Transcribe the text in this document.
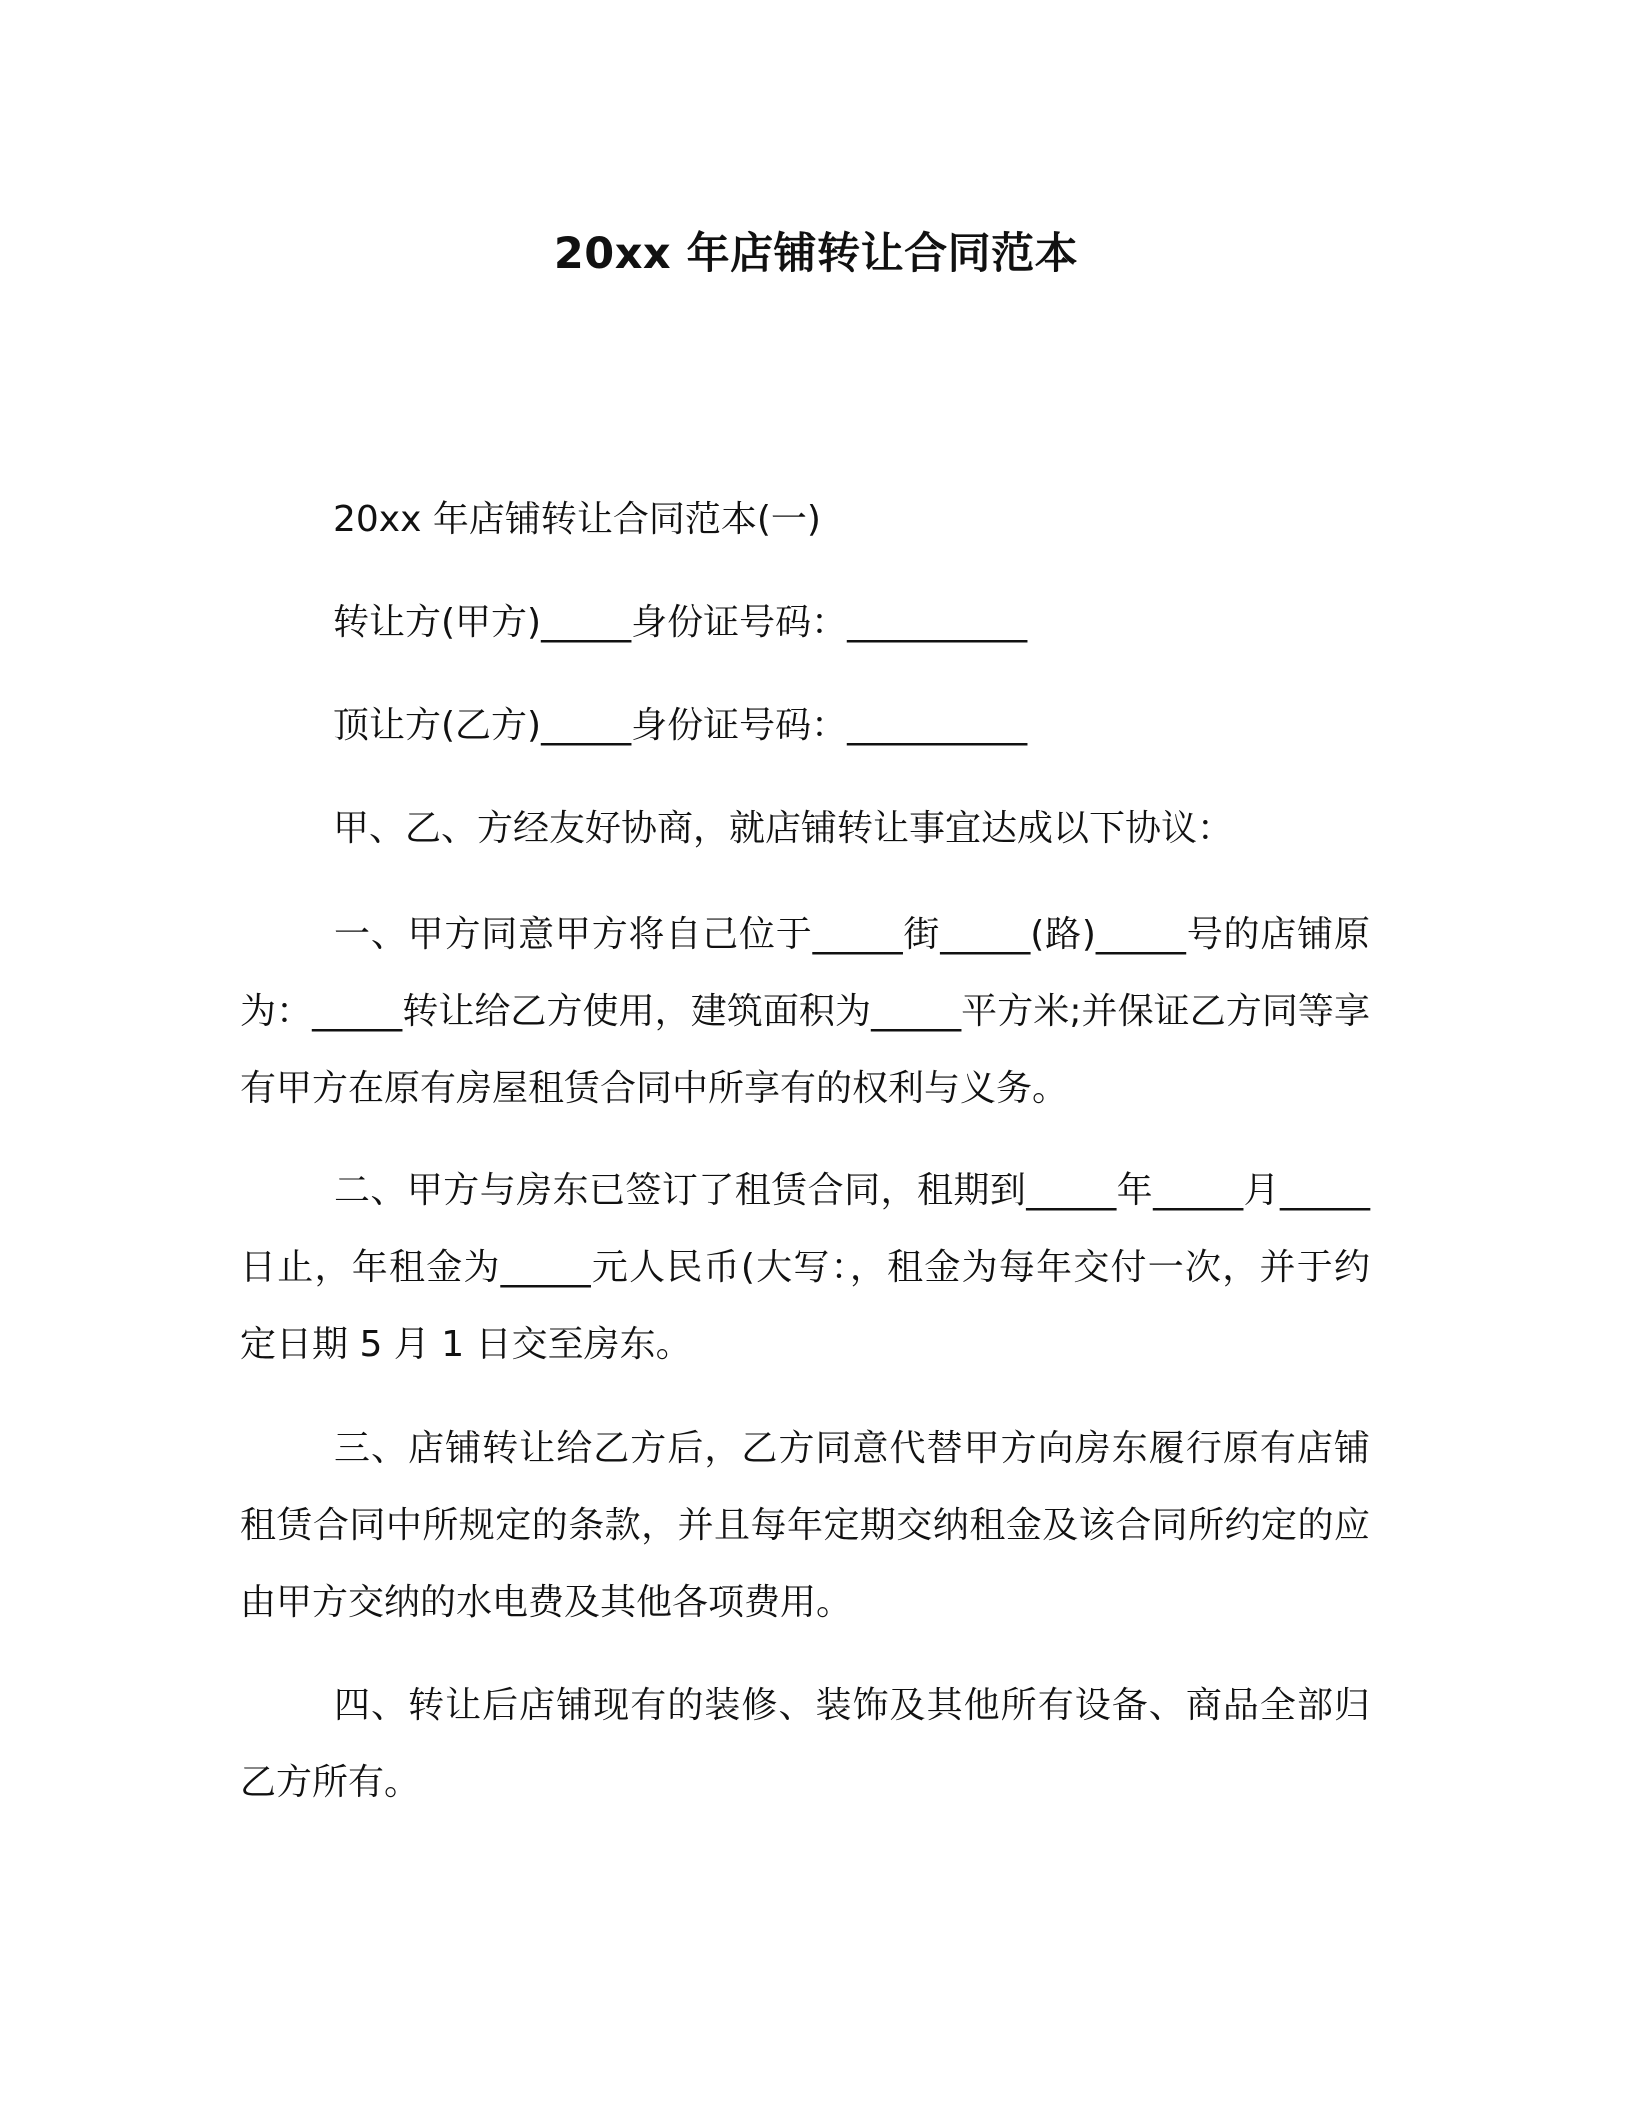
20xx 年店铺转让合同范本
20xx 年店铺转让合同范本(一)
转让方(甲方)_____身份证号码：__________
顶让方(乙方)_____身份证号码：__________
甲、乙、方经友好协商，就店铺转让事宜达成以下协议：
一、甲方同意甲方将自己位于_____街_____(路)_____号的店铺原为：_____转让给乙方使用，建筑面积为_____平方米;并保证乙方同等享有甲方在原有房屋租赁合同中所享有的权利与义务。
二、甲方与房东已签订了租赁合同，租期到_____年_____月_____日止，年租金为_____元人民币(大写：，租金为每年交付一次，并于约定日期 5 月 1 日交至房东。
三、店铺转让给乙方后，乙方同意代替甲方向房东履行原有店铺租赁合同中所规定的条款，并且每年定期交纳租金及该合同所约定的应由甲方交纳的水电费及其他各项费用。
四、转让后店铺现有的装修、装饰及其他所有设备、商品全部归乙方所有。
